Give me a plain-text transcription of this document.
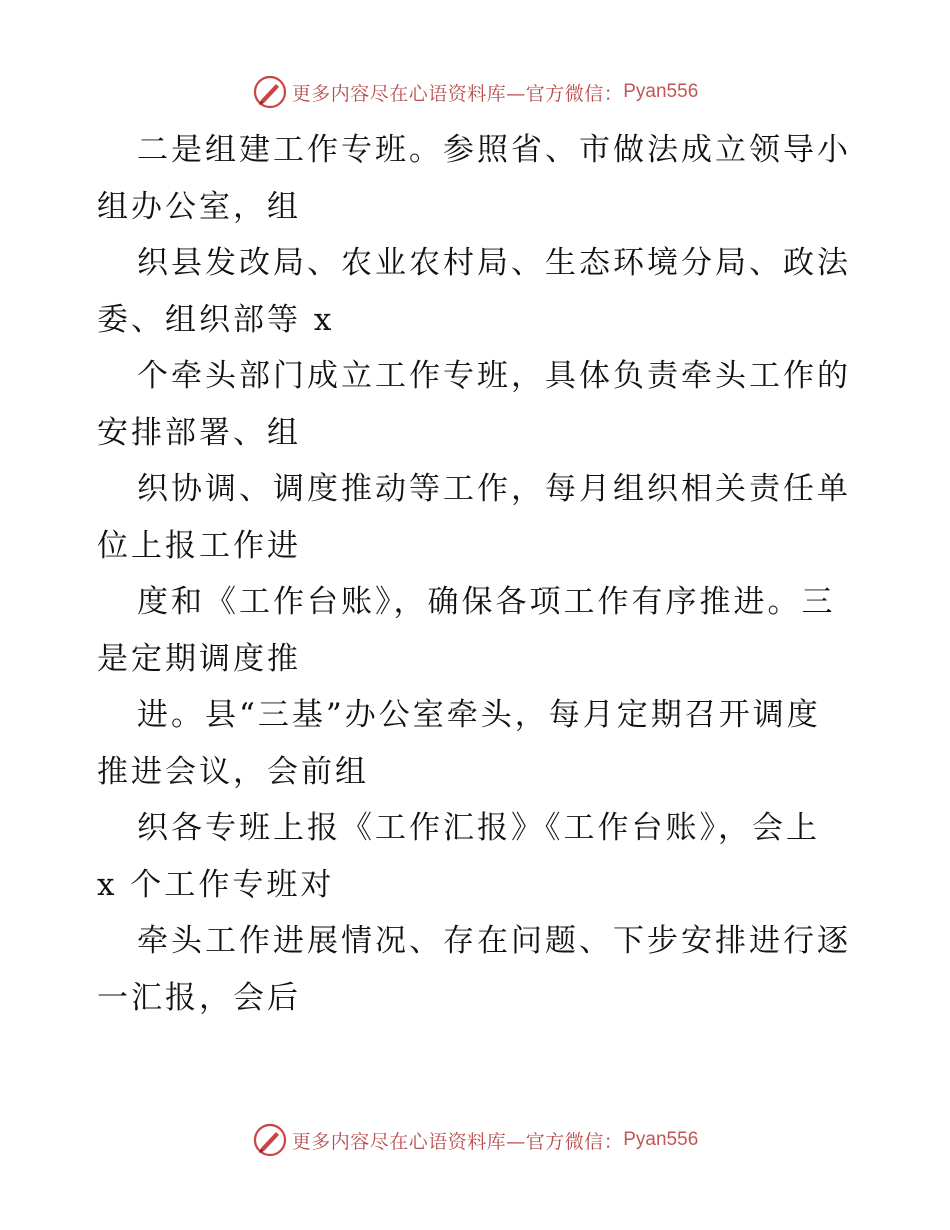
更多内容尽在心语资料库—官方微信： Pyan556
二是组建工作专班。参照省、市做法成立领导小
组办公室，组
织县发改局、农业农村局、生态环境分局、政法
委、组织部等 x
个牵头部门成立工作专班，具体负责牵头工作的
安排部署、组
织协调、调度推动等工作，每月组织相关责任单
位上报工作进
度和《工作台账》，确保各项工作有序推进。三
是定期调度推
进。县“三基”办公室牵头，每月定期召开调度
推进会议，会前组
织各专班上报《工作汇报》《工作台账》，会上
x 个工作专班对
牵头工作进展情况、存在问题、下步安排进行逐
一汇报，会后
更多内容尽在心语资料库—官方微信： Pyan556
